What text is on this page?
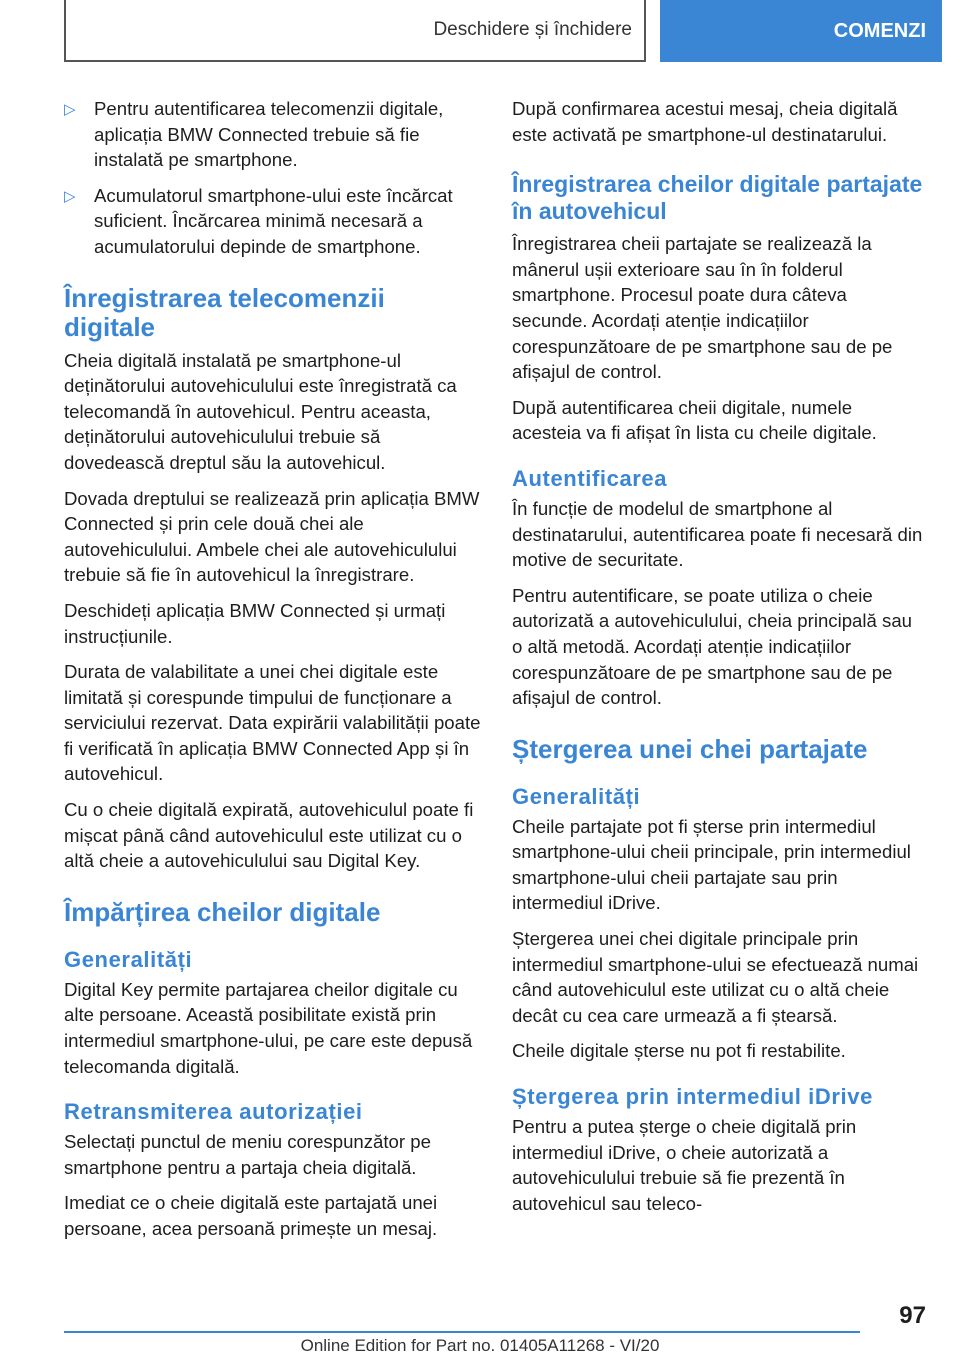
Deschidere și închidere	COMENZI
▷ Pentru autentificarea telecomenzii digitale, aplicația BMW Connected trebuie să fie instalată pe smartphone.
▷ Acumulatorul smartphone-ului este încărcat suficient. Încărcarea minimă necesară a acumulatorului depinde de smartphone.
Înregistrarea telecomenzii digitale

Cheia digitală instalată pe smartphone-ul deținătorului autovehiculului este înregistrată ca telecomandă în autovehicul. Pentru aceasta, deținătorului autovehiculului trebuie să dovedească dreptul său la autovehicul.

Dovada dreptului se realizează prin aplicația BMW Connected și prin cele două chei ale autovehiculului. Ambele chei ale autovehiculului trebuie să fie în autovehicul la înregistrare.

Deschideți aplicația BMW Connected și urmați instrucțiunile.

Durata de valabilitate a unei chei digitale este limitată și corespunde timpului de funcționare a serviciului rezervat. Data expirării valabilității poate fi verificată în aplicația BMW Connected App și în autovehicul.

Cu o cheie digitală expirată, autovehiculul poate fi mișcat până când autovehiculul este utilizat cu o altă cheie a autovehiculului sau Digital Key.

Împărțirea cheilor digitale
Generalități

Digital Key permite partajarea cheilor digitale cu alte persoane. Această posibilitate există prin intermediul smartphone-ului, pe care este depusă telecomanda digitală.

Retransmiterea autorizației

Selectați punctul de meniu corespunzător pe smartphone pentru a partaja cheia digitală.

Imediat ce o cheie digitală este partajată unei persoane, acea persoană primește un mesaj.

După confirmarea acestui mesaj, cheia digitală este activată pe smartphone-ul destinatarului.

Înregistrarea cheilor digitale partajate în autovehicul

Înregistrarea cheii partajate se realizează la mânerul ușii exterioare sau în în folderul smartphone. Procesul poate dura câteva secunde. Acordați atenție indicațiilor corespunzătoare de pe smartphone sau de pe afișajul de control.

După autentificarea cheii digitale, numele acesteia va fi afișat în lista cu cheile digitale.

Autentificarea

În funcție de modelul de smartphone al destinatarului, autentificarea poate fi necesară din motive de securitate.

Pentru autentificare, se poate utiliza o cheie autorizată a autovehiculului, cheia principală sau o altă metodă. Acordați atenție indicațiilor corespunzătoare de pe smartphone sau de pe afișajul de control.

Ștergerea unei chei partajate
Generalități

Cheile partajate pot fi șterse prin intermediul smartphone-ului cheii principale, prin intermediul smartphone-ului cheii partajate sau prin intermediul iDrive.

Ștergerea unei chei digitale principale prin intermediul smartphone-ului se efectuează numai când autovehiculul este utilizat cu o altă cheie decât cu cea care urmează a fi ștearsă.

Cheile digitale șterse nu pot fi restabilite.

Ștergerea prin intermediul iDrive

Pentru a putea șterge o cheie digitală prin intermediul iDrive, o cheie autorizată a autovehiculului trebuie să fie prezentă în autovehicul sau teleco-

97
Online Edition for Part no. 01405A11268 - VI/20
